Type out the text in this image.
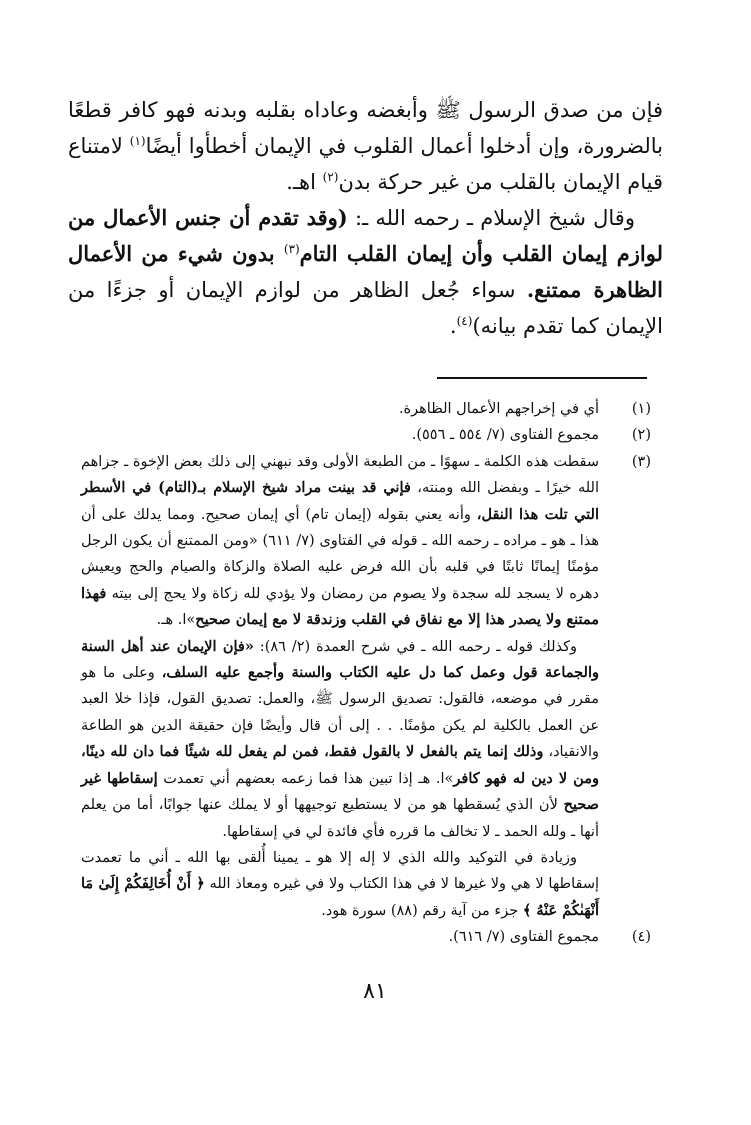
فإن من صدق الرسول ﷺ وأبغضه وعاداه بقلبه وبدنه فهو كافر قطعًا بالضرورة، وإن أدخلوا أعمال القلوب في الإيمان أخطأوا أيضًا$^{(١)}$ لامتناع قيام الإيمان بالقلب من غير حركة بدن$^{(٢)}$ اهـ.

وقال شيخ الإسلام ـ رحمه الله ـ: (وقد تقدم أن جنس الأعمال من لوازم إيمان القلب وأن إيمان القلب التام$^{(٣)}$ بدون شيء من الأعمال الظاهرة ممتنع. سواء جُعل الظاهر من لوازم الإيمان أو جزءًا من الإيمان كما تقدم بيانه)$^{(٤)}$.

(١)

أي في إخراجهم الأعمال الظاهرة.

(٢)

مجموع الفتاوى (٧/ ٥٥٤ ـ ٥٥٦).

(٣)

سقطت هذه الكلمة ـ سهوًا ـ من الطبعة الأولى وقد نبهني إلى ذلك بعض الإخوة ـ جزاهم الله خيرًا ـ وبفضل الله ومنته، فإني قد بينت مراد شيخ الإسلام بـ(التام) في الأسطر التي تلت هذا النقل، وأنه يعني بقوله (إيمان تام) أي إيمان صحيح. ومما يدلك على أن هذا ـ هو ـ مراده ـ رحمه الله ـ قوله في الفتاوى (٧/ ٦١١) «ومن الممتنع أن يكون الرجل مؤمنًا إيمانًا ثابتًا في قلبه بأن الله فرض عليه الصلاة والزكاة والصيام والحج ويعيش دهره لا يسجد لله سجدة ولا يصوم من رمضان ولا يؤدي لله زكاة ولا يحج إلى بيته فهذا ممتنع ولا يصدر هذا إلا مع نفاق في القلب وزندقة لا مع إيمان صحيح»ا. هـ.

وكذلك قوله ـ رحمه الله ـ في شرح العمدة (٢/ ٨٦): «فإن الإيمان عند أهل السنة والجماعة قول وعمل كما دل عليه الكتاب والسنة وأجمع عليه السلف، وعلى ما هو مقرر في موضعه، فالقول: تصديق الرسول ﷺ، والعمل: تصديق القول، فإذا خلا العبد عن العمل بالكلية لم يكن مؤمنًا. . . إلى أن قال وأيضًا فإن حقيقة الدين هو الطاعة والانقياد، وذلك إنما يتم بالفعل لا بالقول فقط، فمن لم يفعل لله شيئًا فما دان لله دينًا، ومن لا دين له فهو كافر»ا. هـ إذا تبين هذا فما زعمه بعضهم أني تعمدت إسقاطها غير صحيح لأن الذي يُسقطها هو من لا يستطيع توجيهها أو لا يملك عنها جوابًا، أما من يعلم أنها ـ ولله الحمد ـ لا تخالف ما قرره فأي فائدة لي في إسقاطها.

وزيادة في التوكيد والله الذي لا إله إلا هو ـ يمينا أُلقى بها الله ـ أني ما تعمدت إسقاطها لا هي ولا غيرها لا في هذا الكتاب ولا في غيره ومعاذ الله ﴿ أَنْ أُخَالِفَكُمْ إِلَىٰ مَا أَنْهَىٰكُمْ عَنْهُ ﴾ جزء من آية رقم (٨٨) سورة هود.

(٤)

مجموع الفتاوى (٧/ ٦١٦).

٨١
